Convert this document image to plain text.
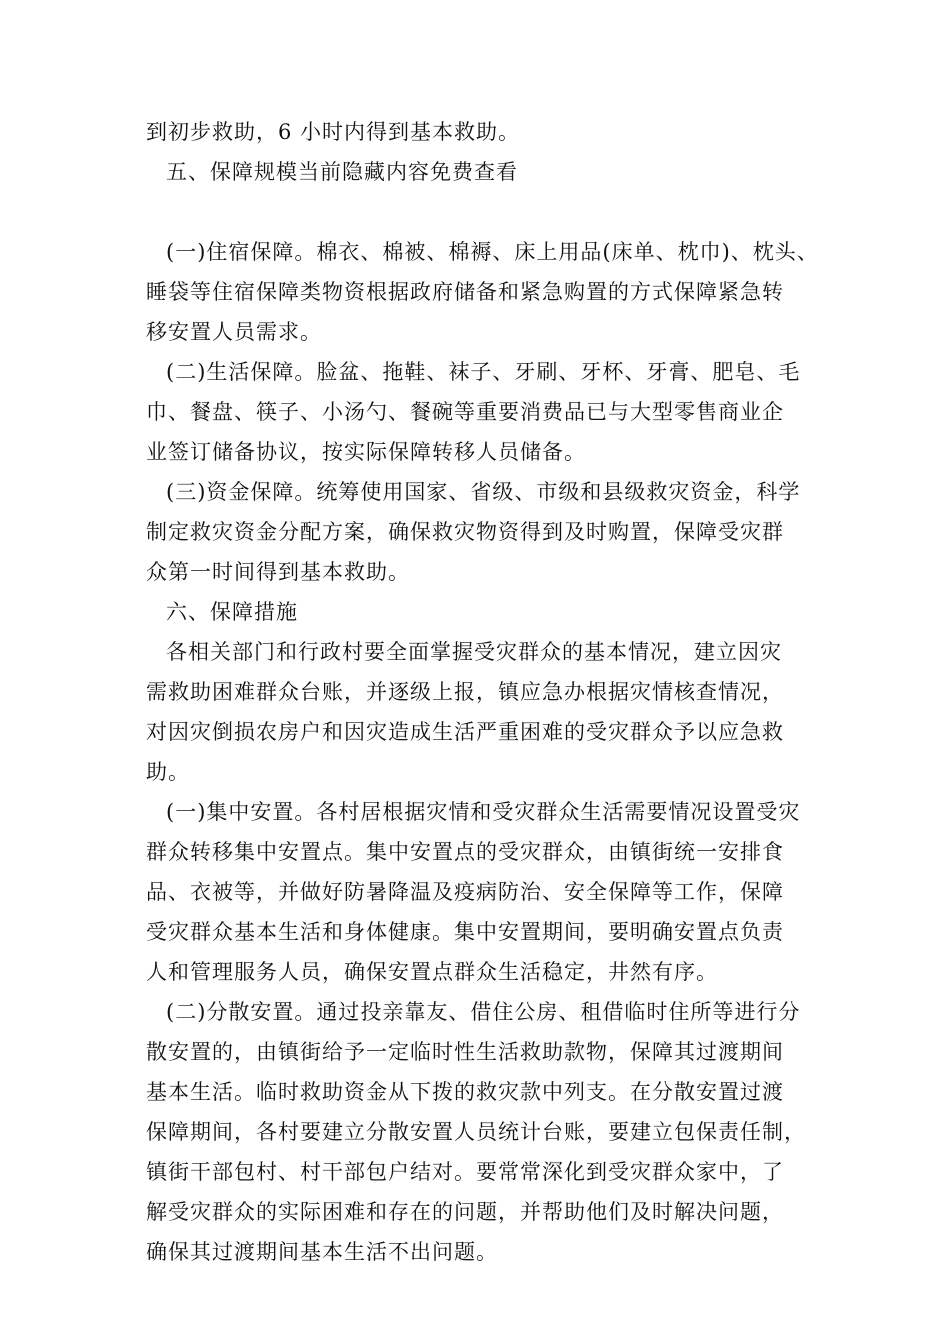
到初步救助，6 小时内得到基本救助。
五、保障规模当前隐藏内容免费查看
(一)住宿保障。棉衣、棉被、棉褥、床上用品(床单、枕巾)、枕头、
睡袋等住宿保障类物资根据政府储备和紧急购置的方式保障紧急转
移安置人员需求。
(二)生活保障。脸盆、拖鞋、袜子、牙刷、牙杯、牙膏、肥皂、毛
巾、餐盘、筷子、小汤勺、餐碗等重要消费品已与大型零售商业企
业签订储备协议，按实际保障转移人员储备。
(三)资金保障。统筹使用国家、省级、市级和县级救灾资金，科学
制定救灾资金分配方案，确保救灾物资得到及时购置，保障受灾群
众第一时间得到基本救助。
六、保障措施
各相关部门和行政村要全面掌握受灾群众的基本情况，建立因灾
需救助困难群众台账，并逐级上报，镇应急办根据灾情核查情况，
对因灾倒损农房户和因灾造成生活严重困难的受灾群众予以应急救
助。
(一)集中安置。各村居根据灾情和受灾群众生活需要情况设置受灾
群众转移集中安置点。集中安置点的受灾群众，由镇街统一安排食
品、衣被等，并做好防暑降温及疫病防治、安全保障等工作，保障
受灾群众基本生活和身体健康。集中安置期间，要明确安置点负责
人和管理服务人员，确保安置点群众生活稳定，井然有序。
(二)分散安置。通过投亲靠友、借住公房、租借临时住所等进行分
散安置的，由镇街给予一定临时性生活救助款物，保障其过渡期间
基本生活。临时救助资金从下拨的救灾款中列支。在分散安置过渡
保障期间，各村要建立分散安置人员统计台账，要建立包保责任制，
镇街干部包村、村干部包户结对。要常常深化到受灾群众家中，了
解受灾群众的实际困难和存在的问题，并帮助他们及时解决问题，
确保其过渡期间基本生活不出问题。
